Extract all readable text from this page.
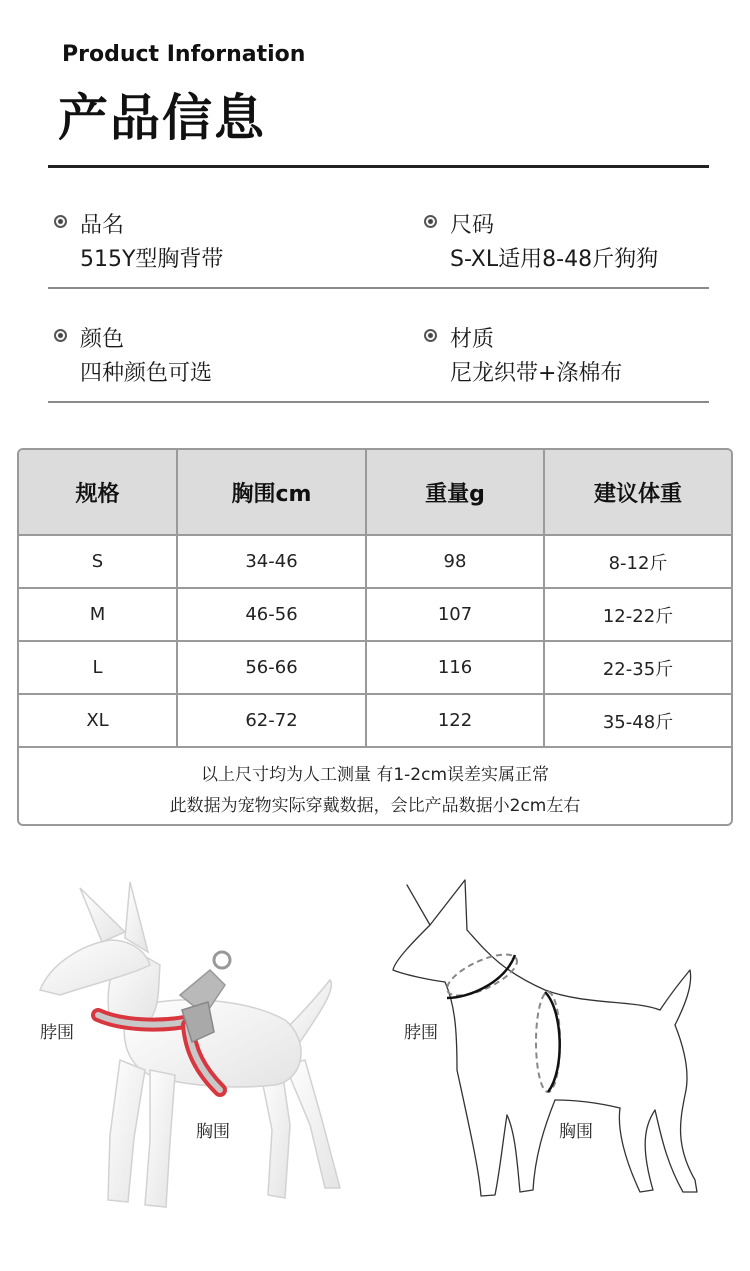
Product Infornation
产品信息
品名
515Y型胸背带
尺码
S-XL适用8-48斤狗狗
颜色
四种颜色可选
材质
尼龙织带+涤棉布
规格	胸围cm	重量g	建议体重
S	34-46	98	8-12斤
M	46-56	107	12-22斤
L	56-66	116	22-35斤
XL	62-72	122	35-48斤
以上尺寸均为人工测量 有1-2cm误差实属正常
此数据为宠物实际穿戴数据，会比产品数据小2cm左右
脖围
胸围
脖围
胸围
